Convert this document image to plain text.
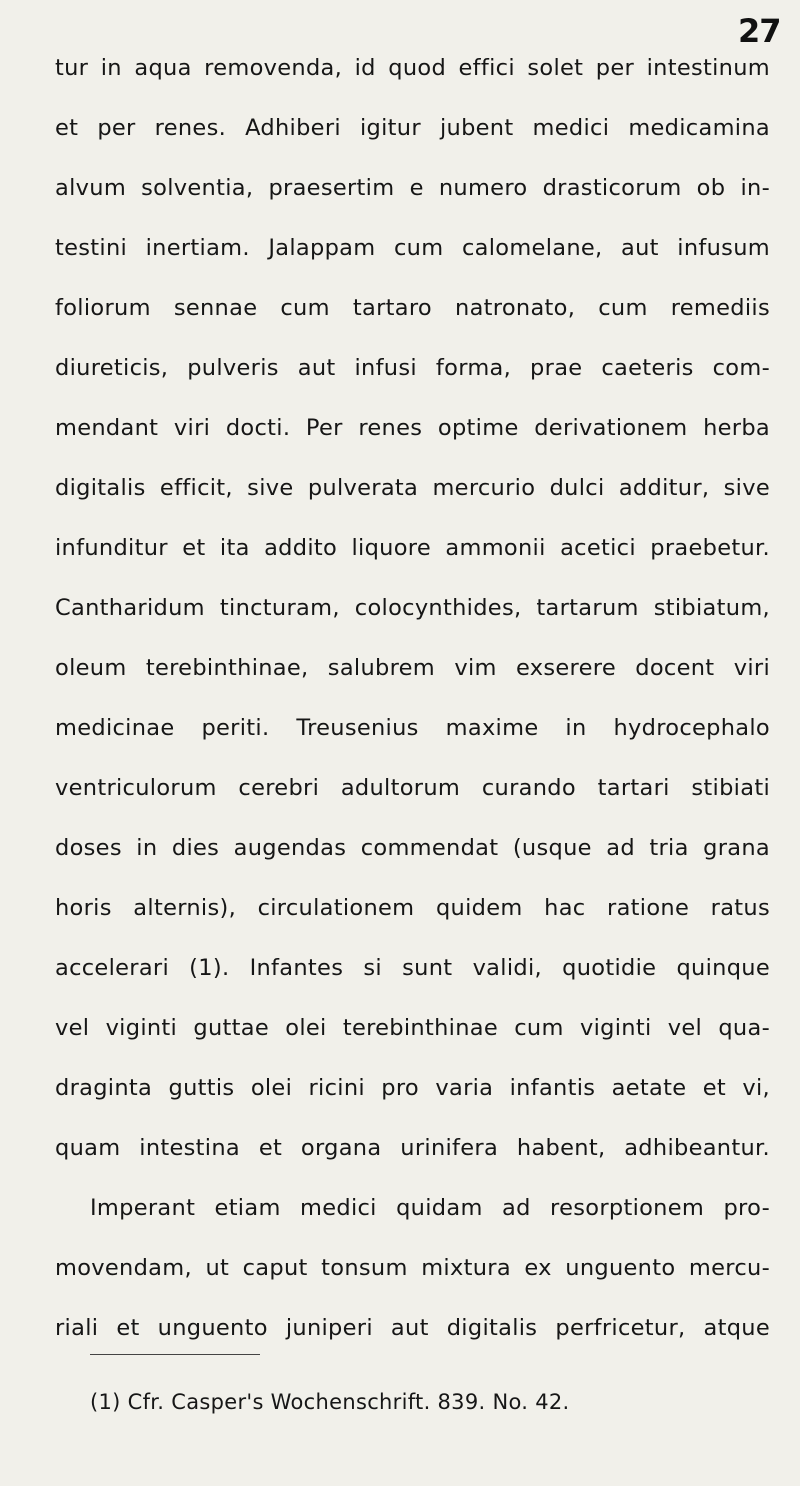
27
tur in aqua removenda, id quod effici solet per intestinum
et per renes. Adhiberi igitur jubent medici medicamina
alvum solventia, praesertim e numero drasticorum ob in-
testini inertiam. Jalappam cum calomelane, aut infusum
foliorum sennae cum tartaro natronato, cum remediis
diureticis, pulveris aut infusi forma, prae caeteris com-
mendant viri docti. Per renes optime derivationem herba
digitalis efficit, sive pulverata mercurio dulci additur, sive
infunditur et ita addito liquore ammonii acetici praebetur.
Cantharidum tincturam, colocynthides, tartarum stibiatum,
oleum terebinthinae, salubrem vim exserere docent viri
medicinae periti. Treusenius maxime in hydrocephalo
ventriculorum cerebri adultorum curando tartari stibiati
doses in dies augendas commendat (usque ad tria grana
horis alternis), circulationem quidem hac ratione ratus
accelerari (1). Infantes si sunt validi, quotidie quinque
vel viginti guttae olei terebinthinae cum viginti vel qua-
draginta guttis olei ricini pro varia infantis aetate et vi,
quam intestina et organa urinifera habent, adhibeantur.
Imperant etiam medici quidam ad resorptionem pro-
movendam, ut caput tonsum mixtura ex unguento mercu-
riali et unguento juniperi aut digitalis perfricetur, atque
(1) Cfr. Casper's Wochenschrift. 839. No. 42.
